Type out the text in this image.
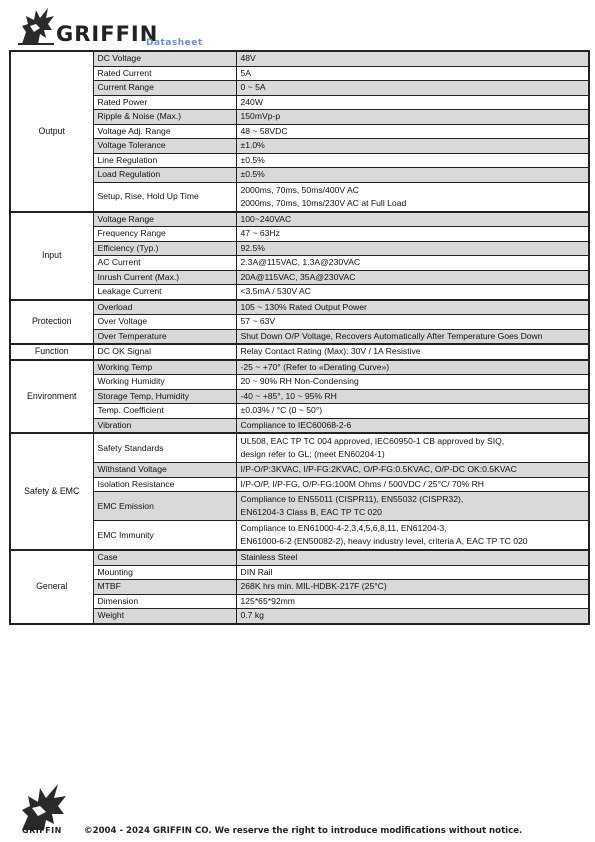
GRIFFIN
Datasheet
Output	DC Voltage	48V

	Rated Current	5A

	Current Range	0 ~ 5A

	Rated Power	240W

	Ripple & Noise (Max.)	150mVp-p

	Voltage Adj. Range	48 ~ 58VDC

	Voltage Tolerance	±1.0%

	Line Regulation	±0.5%

	Load Regulation	±0.5%

	Setup, Rise, Hold Up Time	2000ms, 70ms, 50ms/400V AC
2000ms, 70ms, 10ms/230V AC at Full Load

Input	Voltage Range	100~240VAC

	Frequency Range	47 ~ 63Hz

	Efficiency (Typ.)	92.5%

	AC Current	2.3A@115VAC, 1.3A@230VAC

	Inrush Current (Max.)	20A@115VAC, 35A@230VAC

	Leakage Current	<3.5mA / 530V AC

Protection	Overload	105 ~ 130% Rated Output Power

	Over Voltage	57 ~ 63V

	Over Temperature	Shut Down O/P Voltage, Recovers Automatically After Temperature Goes Down

Function	DC OK Signal	Relay Contact Rating (Max): 30V / 1A Resistive

Environment	Working Temp	-25 ~ +70° (Refer to «Derating Curve»)

	Working Humidity	20 ~ 90% RH Non-Condensing

	Storage Temp, Humidity	-40 ~ +85°, 10 ~ 95% RH

	Temp. Coefficient	±0.03% / °C (0 ~ 50°)

	Vibration	Compliance to IEC60068-2-6

Safety & EMC	Safety Standards	UL508, EAC TP TC 004 approved, IEC60950-1 CB approved by SIQ,
design refer to GL; (meet EN60204-1)

	Withstand Voltage	I/P-O/P:3KVAC, I/P-FG:2KVAC, O/P-FG:0.5KVAC, O/P-DC OK:0.5KVAC

	Isolation Resistance	I/P-O/P, I/P-FG, O/P-FG:100M Ohms / 500VDC / 25°C/ 70% RH

	EMC Emission	Compliance to EN55011 (CISPR11), EN55032 (CISPR32),
EN61204-3 Class B, EAC TP TC 020

	EMC Immunity	Compliance to EN61000-4-2,3,4,5,6,8,11, EN61204-3,
EN61000-6-2 (EN50082-2), heavy industry level, criteria A, EAC TP TC 020

General	Case	Stainless Steel

	Mounting	DIN Rail

	MTBF	268K hrs min. MIL-HDBK-217F (25°C)

	Dimension	125*65*92mm

	Weight	0.7 kg
GRIFFIN	©2004 - 2024 GRIFFIN CO. We reserve the right to introduce modifications without notice.
